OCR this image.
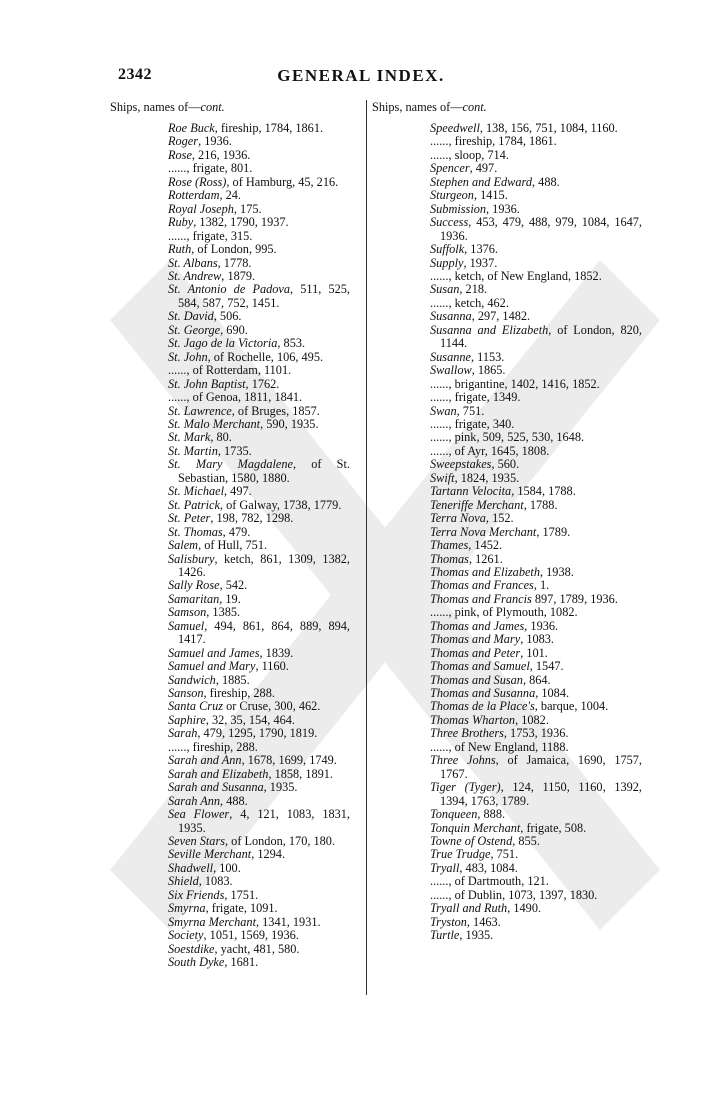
2342	GENERAL INDEX.
Ships, names of—cont.
Roe Buck, fireship, 1784, 1861.
Roger, 1936.
Rose, 216, 1936.
......, frigate, 801.
Rose (Ross), of Hamburg, 45, 216.
Rotterdam, 24.
Royal Joseph, 175.
Ruby, 1382, 1790, 1937.
......, frigate, 315.
Ruth, of London, 995.
St. Albans, 1778.
St. Andrew, 1879.
St. Antonio de Padova, 511, 525, 584, 587, 752, 1451.
St. David, 506.
St. George, 690.
St. Jago de la Victoria, 853.
St. John, of Rochelle, 106, 495.
......, of Rotterdam, 1101.
St. John Baptist, 1762.
......, of Genoa, 1811, 1841.
St. Lawrence, of Bruges, 1857.
St. Malo Merchant, 590, 1935.
St. Mark, 80.
St. Martin, 1735.
St. Mary Magdalene, of St. Sebastian, 1580, 1880.
St. Michael, 497.
St. Patrick, of Galway, 1738, 1779.
St. Peter, 198, 782, 1298.
St. Thomas, 479.
Salem, of Hull, 751.
Salisbury, ketch, 861, 1309, 1382, 1426.
Sally Rose, 542.
Samaritan, 19.
Samson, 1385.
Samuel, 494, 861, 864, 889, 894, 1417.
Samuel and James, 1839.
Samuel and Mary, 1160.
Sandwich, 1885.
Sanson, fireship, 288.
Santa Cruz or Cruse, 300, 462.
Saphire, 32, 35, 154, 464.
Sarah, 479, 1295, 1790, 1819.
......, fireship, 288.
Sarah and Ann, 1678, 1699, 1749.
Sarah and Elizabeth, 1858, 1891.
Sarah and Susanna, 1935.
Sarah Ann, 488.
Sea Flower, 4, 121, 1083, 1831, 1935.
Seven Stars, of London, 170, 180.
Seville Merchant, 1294.
Shadwell, 100.
Shield, 1083.
Six Friends, 1751.
Smyrna, frigate, 1091.
Smyrna Merchant, 1341, 1931.
Society, 1051, 1569, 1936.
Soestdike, yacht, 481, 580.
South Dyke, 1681.
Ships, names of—cont.
Speedwell, 138, 156, 751, 1084, 1160.
......, fireship, 1784, 1861.
......, sloop, 714.
Spencer, 497.
Stephen and Edward, 488.
Sturgeon, 1415.
Submission, 1936.
Success, 453, 479, 488, 979, 1084, 1647, 1936.
Suffolk, 1376.
Supply, 1937.
......, ketch, of New England, 1852.
Susan, 218.
......, ketch, 462.
Susanna, 297, 1482.
Susanna and Elizabeth, of London, 820, 1144.
Susanne, 1153.
Swallow, 1865.
......, brigantine, 1402, 1416, 1852.
......, frigate, 1349.
Swan, 751.
......, frigate, 340.
......, pink, 509, 525, 530, 1648.
......, of Ayr, 1645, 1808.
Sweepstakes, 560.
Swift, 1824, 1935.
Tartann Velocita, 1584, 1788.
Teneriffe Merchant, 1788.
Terra Nova, 152.
Terra Nova Merchant, 1789.
Thames, 1452.
Thomas, 1261.
Thomas and Elizabeth, 1938.
Thomas and Frances, 1.
Thomas and Francis 897, 1789, 1936.
......, pink, of Plymouth, 1082.
Thomas and James, 1936.
Thomas and Mary, 1083.
Thomas and Peter, 101.
Thomas and Samuel, 1547.
Thomas and Susan, 864.
Thomas and Susanna, 1084.
Thomas de la Place's, barque, 1004.
Thomas Wharton, 1082.
Three Brothers, 1753, 1936.
......, of New England, 1188.
Three Johns, of Jamaica, 1690, 1757, 1767.
Tiger (Tyger), 124, 1150, 1160, 1392, 1394, 1763, 1789.
Tonqueen, 888.
Tonquin Merchant, frigate, 508.
Towne of Ostend, 855.
True Trudge, 751.
Tryall, 483, 1084.
......, of Dartmouth, 121.
......, of Dublin, 1073, 1397, 1830.
Tryall and Ruth, 1490.
Tryston, 1463.
Turtle, 1935.
